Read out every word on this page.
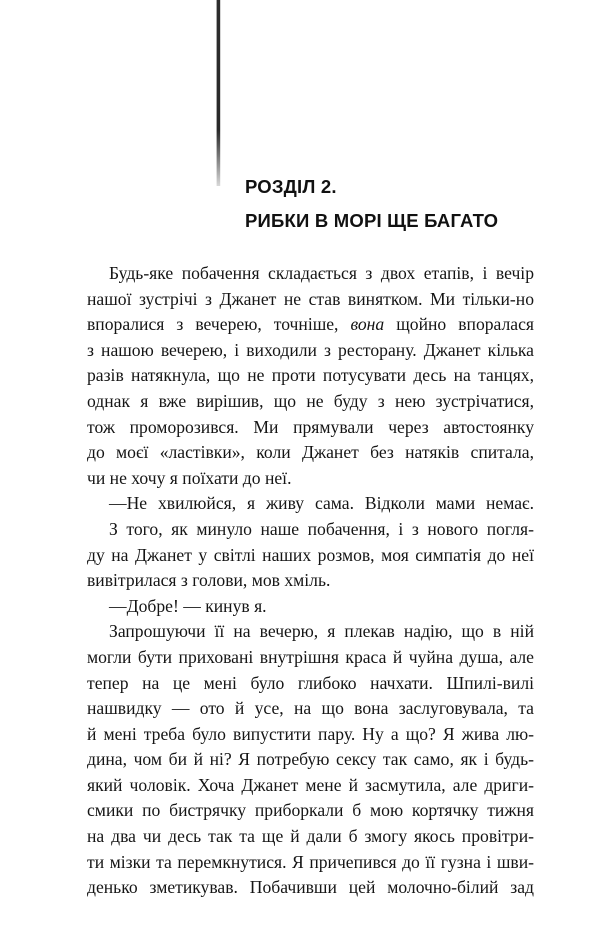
РОЗДІЛ 2.
РИБКИ В МОРІ ЩЕ БАГАТО
Будь-яке побачення складається з двох етапів, і вечір
нашої зустрічі з Джанет не став винятком. Ми тільки-но
впоралися з вечерею, точніше, вона щойно впоралася
з нашою вечерею, і виходили з ресторану. Джанет кілька
разів натякнула, що не проти потусувати десь на танцях,
однак я вже вирішив, що не буду з нею зустрічатися,
тож проморозився. Ми прямували через автостоянку
до моєї «ластівки», коли Джанет без натяків спитала,
чи не хочу я поїхати до неї.
—Не хвилюйся, я живу сама. Відколи мами немає.
З того, як минуло наше побачення, і з нового погля-
ду на Джанет у світлі наших розмов, моя симпатія до неї
вивітрилася з голови, мов хміль.
—Добре! — кинув я.
Запрошуючи її на вечерю, я плекав надію, що в ній
могли бути приховані внутрішня краса й чуйна душа, але
тепер на це мені було глибоко начхати. Шпилі-вилі
нашвидку — ото й усе, на що вона заслуговувала, та
й мені треба було випустити пару. Ну а що? Я жива лю-
дина, чом би й ні? Я потребую сексу так само, як і будь-
який чоловік. Хоча Джанет мене й засмутила, але дриги-
смики по бистрячку приборкали б мою кортячку тижня
на два чи десь так та ще й дали б змогу якось провітри-
ти мізки та перемкнутися. Я причепився до її гузна і шви-
денько зметикував. Побачивши цей молочно-білий зад
